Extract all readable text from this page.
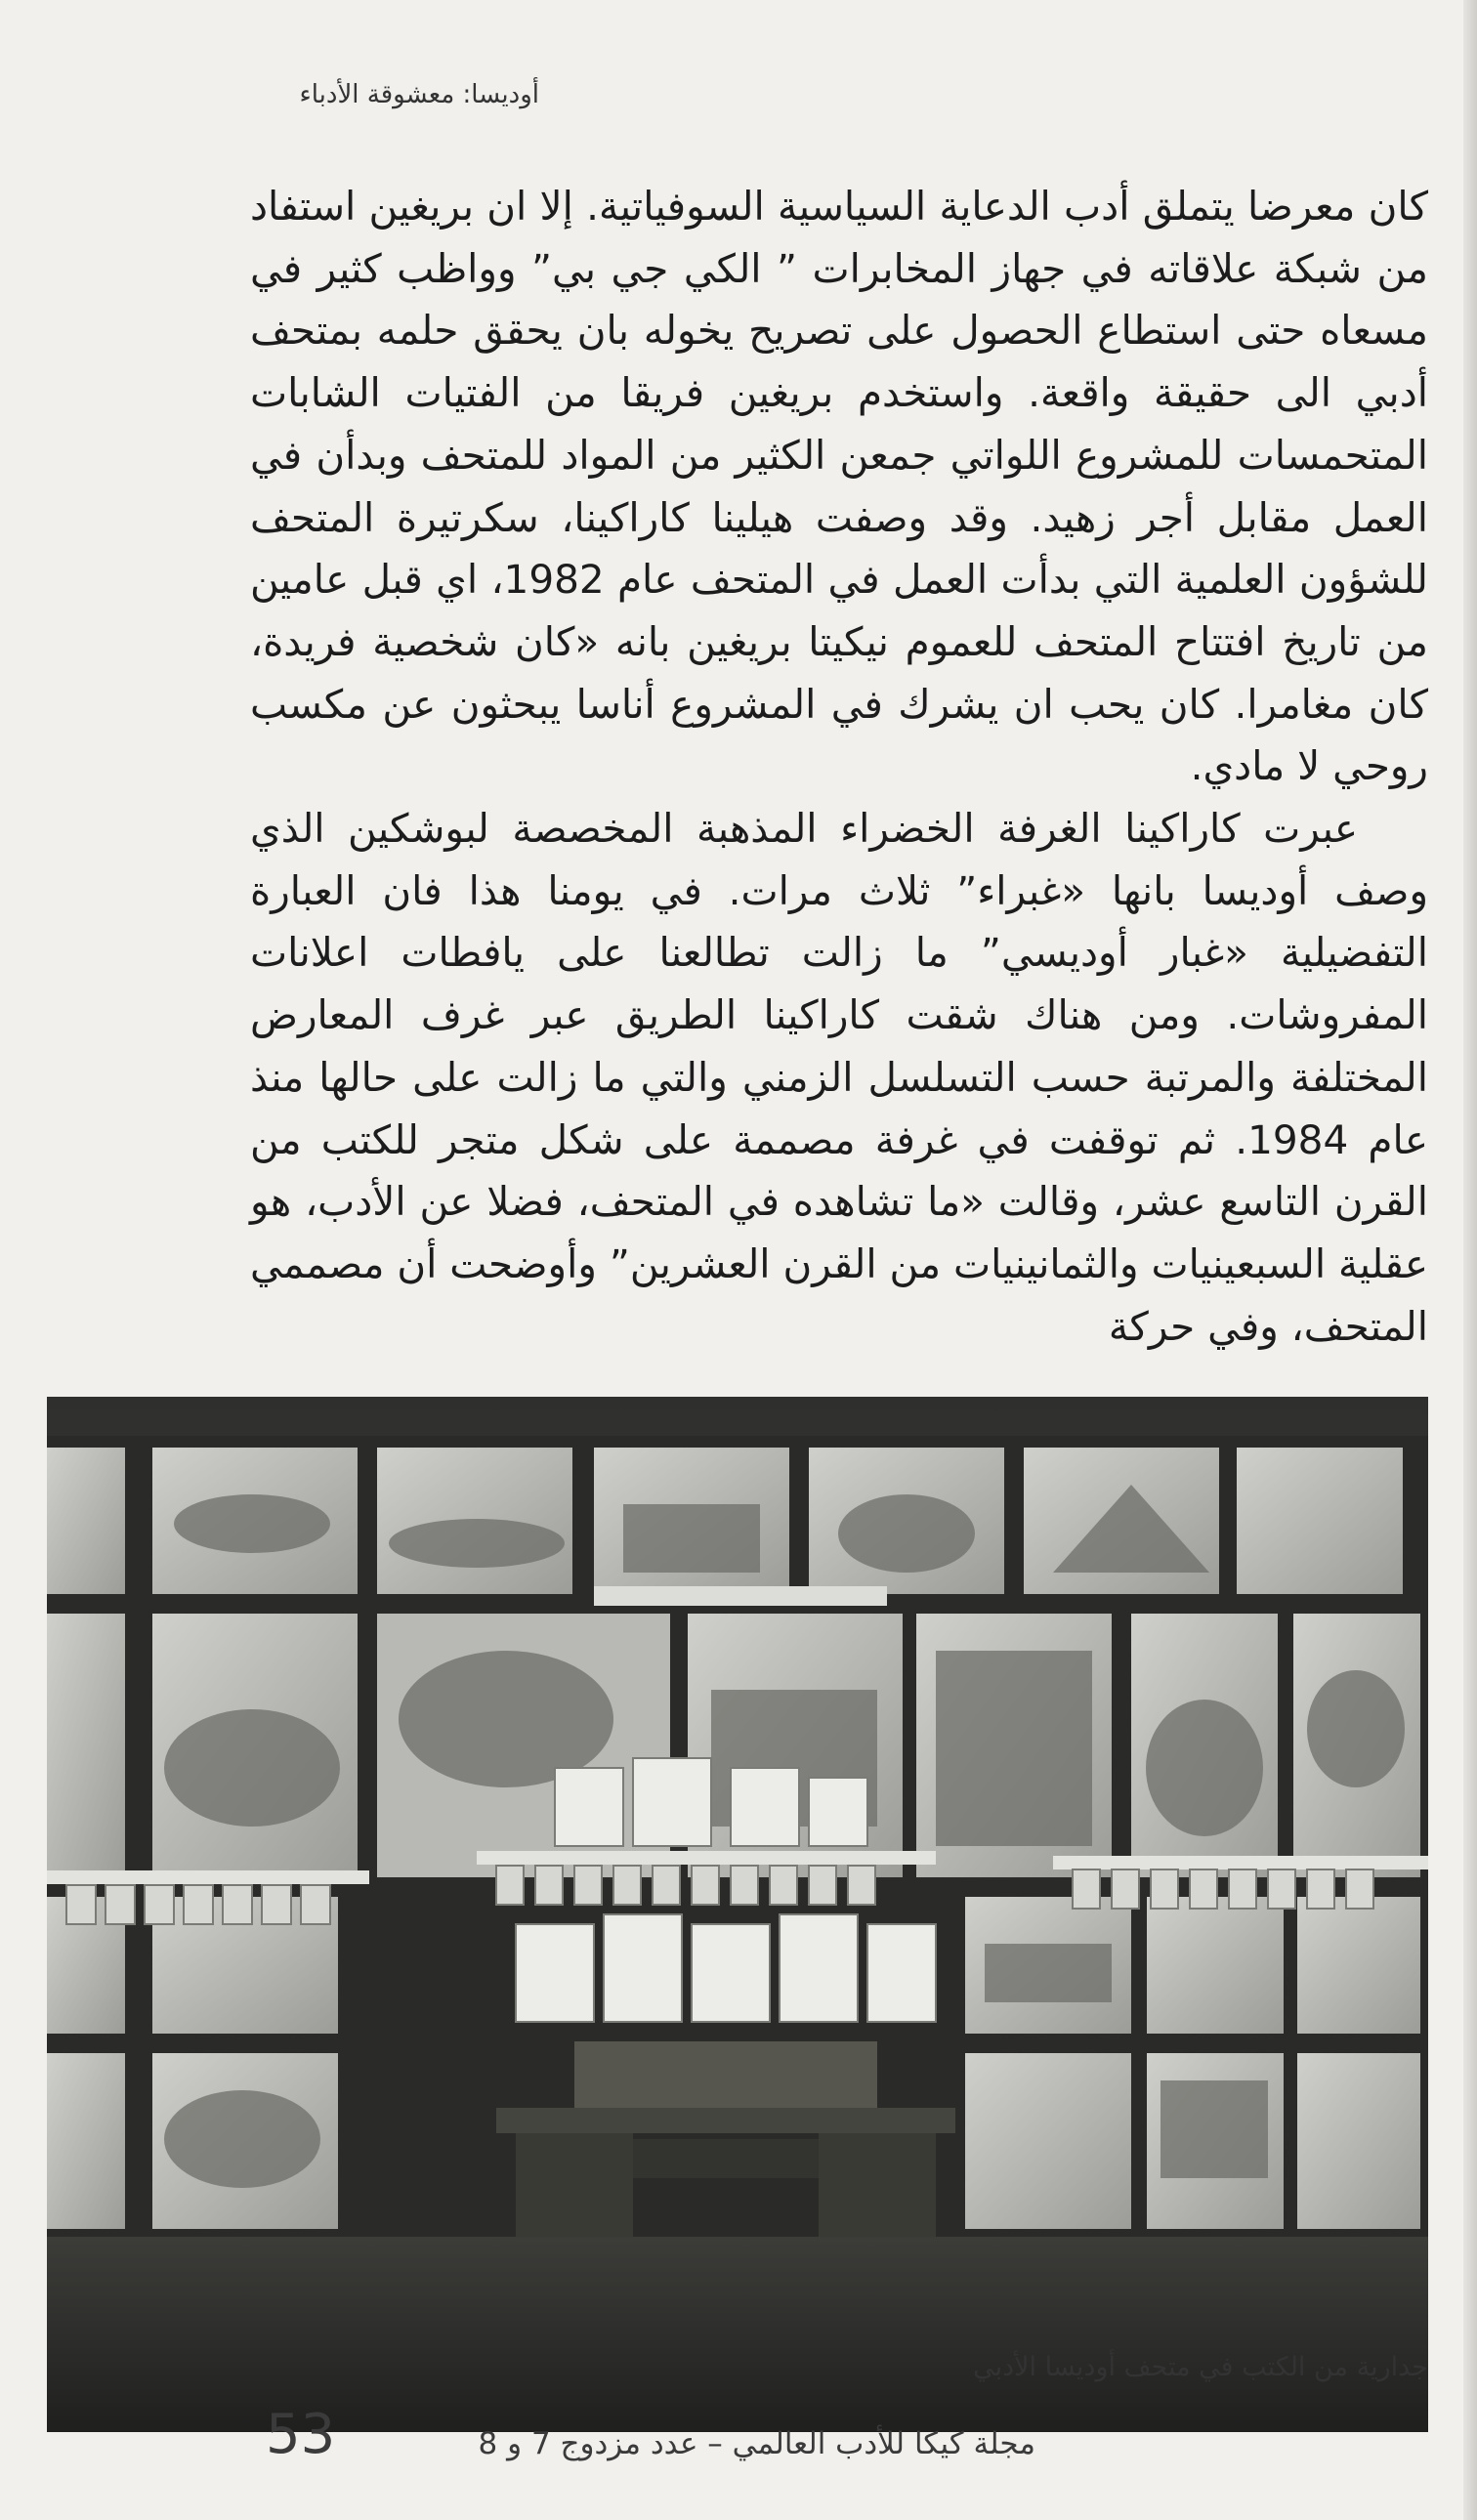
أوديسا: معشوقة الأدباء

كان معرضا يتملق أدب الدعاية السياسية السوفياتية. إلا ان بريغين استفاد من شبكة علاقاته في جهاز المخابرات ” الكي جي بي” وواظب كثير في مسعاه حتى استطاع الحصول على تصريح يخوله بان يحقق حلمه بمتحف أدبي الى حقيقة واقعة. واستخدم بريغين فريقا من الفتيات الشابات المتحمسات للمشروع اللواتي جمعن الكثير من المواد للمتحف وبدأن في العمل مقابل أجر زهيد. وقد وصفت هيلينا كاراكينا، سكرتيرة المتحف للشؤون العلمية التي بدأت العمل في المتحف عام 1982، اي قبل عامين من تاريخ افتتاح المتحف للعموم نيكيتا بريغين بانه «كان شخصية فريدة، كان مغامرا. كان يحب ان يشرك في المشروع أناسا يبحثون عن مكسب روحي لا مادي.

عبرت كاراكينا الغرفة الخضراء المذهبة المخصصة لبوشكين الذي وصف أوديسا بانها «غبراء” ثلاث مرات. في يومنا هذا فان العبارة التفضيلية «غبار أوديسي” ما زالت تطالعنا على يافطات اعلانات المفروشات. ومن هناك شقت كاراكينا الطريق عبر غرف المعارض المختلفة والمرتبة حسب التسلسل الزمني والتي ما زالت على حالها منذ عام 1984. ثم توقفت في غرفة مصممة على شكل متجر للكتب من القرن التاسع عشر، وقالت «ما تشاهده في المتحف، فضلا عن الأدب، هو عقلية السبعينيات والثمانينيات من القرن العشرين” وأوضحت أن مصممي المتحف، وفي حركة

جدارية من الكتب في متحف أوديسا الأدبي
مجلة كيكا للأدب العالمي – عدد مزدوج 7 و 8
53
